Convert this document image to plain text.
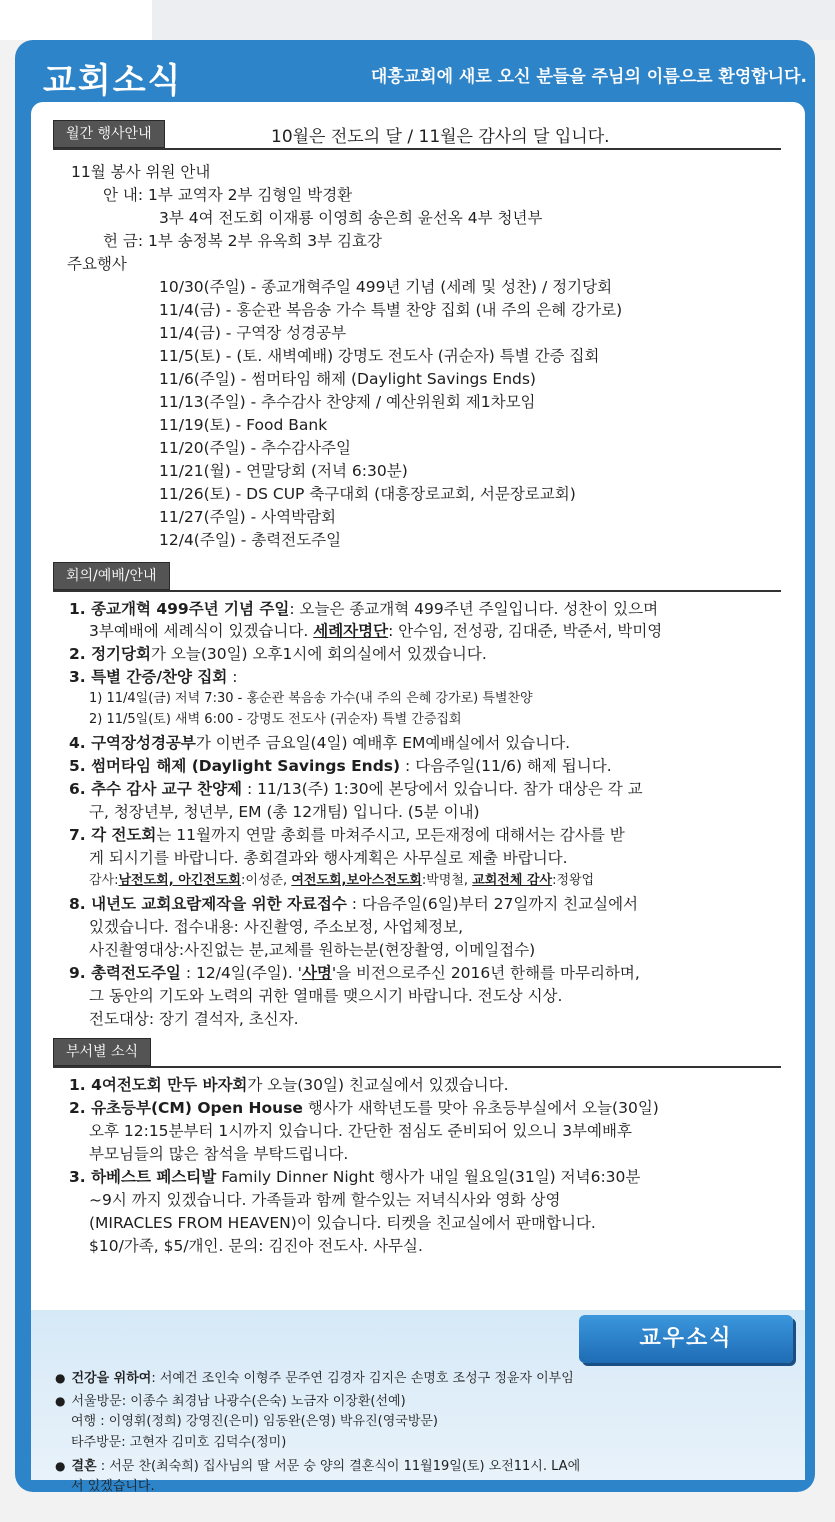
교회소식	대흥교회에 새로 오신 분들을 주님의 이름으로 환영합니다.
월간 행사안내	10월은 전도의 달 / 11월은 감사의 달 입니다.
11월 봉사 위원 안내
안 내: 1부 교역자 2부 김형일 박경환
3부 4여 전도회 이재룡 이영희 송은희 윤선옥 4부 청년부
헌 금: 1부 송정복 2부 유옥희 3부 김효강
주요행사
10/30(주일) - 종교개혁주일 499년 기념 (세례 및 성찬) / 정기당회
11/4(금) - 홍순관 복음송 가수 특별 찬양 집회 (내 주의 은혜 강가로)
11/4(금) - 구역장 성경공부
11/5(토) - (토. 새벽예배) 강명도 전도사 (귀순자) 특별 간증 집회
11/6(주일) - 썸머타임 해제 (Daylight Savings Ends)
11/13(주일) - 추수감사 찬양제 / 예산위원회 제1차모임
11/19(토) - Food Bank
11/20(주일) - 추수감사주일
11/21(월) - 연말당회 (저녁 6:30분)
11/26(토) - DS CUP 축구대회 (대흥장로교회, 서문장로교회)
11/27(주일) - 사역박람회
12/4(주일) - 총력전도주일
회의/예배/안내
1. 종교개혁 499주년 기념 주일: 오늘은 종교개혁 499주년 주일입니다. 성찬이 있으며
3부예배에 세례식이 있겠습니다. 세례자명단: 안수임, 전성광, 김대준, 박준서, 박미영
2. 정기당회가 오늘(30일) 오후1시에 회의실에서 있겠습니다.
3. 특별 간증/찬양 집회 :
1) 11/4일(금) 저녁 7:30 - 홍순관 복음송 가수(내 주의 은혜 강가로) 특별찬양
2) 11/5일(토) 새벽 6:00 - 강명도 전도사 (귀순자) 특별 간증집회
4. 구역장성경공부가 이번주 금요일(4일) 예배후 EM예배실에서 있습니다.
5. 썸머타임 해제 (Daylight Savings Ends) : 다음주일(11/6) 해제 됩니다.
6. 추수 감사 교구 찬양제 : 11/13(주) 1:30에 본당에서 있습니다. 참가 대상은 각 교
구, 청장년부, 청년부, EM (총 12개팀) 입니다. (5분 이내)
7. 각 전도회는 11월까지 연말 총회를 마쳐주시고, 모든재정에 대해서는 감사를 받
게 되시기를 바랍니다. 총회결과와 행사계획은 사무실로 제출 바랍니다.
감사:남전도회, 아긴전도회:이성준, 여전도회,보아스전도회:박명철, 교회전체 감사:정왕업
8. 내년도 교회요람제작을 위한 자료접수 : 다음주일(6일)부터 27일까지 친교실에서
있겠습니다. 접수내용: 사진촬영, 주소보정, 사업체정보,
사진촬영대상:사진없는 분,교체를 원하는분(현장촬영, 이메일접수)
9. 총력전도주일 : 12/4일(주일). '사명'을 비전으로주신 2016년 한해를 마무리하며,
그 동안의 기도와 노력의 귀한 열매를 맺으시기 바랍니다. 전도상 시상.
전도대상: 장기 결석자, 초신자.
부서별 소식
1. 4여전도회 만두 바자회가 오늘(30일) 친교실에서 있겠습니다.
2. 유초등부(CM) Open House 행사가 새학년도를 맞아 유초등부실에서 오늘(30일)
오후 12:15분부터 1시까지 있습니다. 간단한 점심도 준비되어 있으니 3부예배후
부모님들의 많은 참석을 부탁드립니다.
3. 하베스트 페스티발 Family Dinner Night 행사가 내일 월요일(31일) 저녁6:30분
~9시 까지 있겠습니다. 가족들과 함께 할수있는 저녁식사와 영화 상영
(MIRACLES FROM HEAVEN)이 있습니다. 티켓을 친교실에서 판매합니다.
$10/가족, $5/개인. 문의: 김진아 전도사. 사무실.
교우소식
● 건강을 위하여: 서예건 조인숙 이형주 문주연 김경자 김지은 손명호 조성구 정윤자 이부임
● 서울방문: 이종수 최경남 나광수(은숙) 노금자 이장환(선예)
여행 : 이영휘(정희) 강영진(은미) 임동완(은영) 박유진(영국방문)
타주방문: 고현자 김미호 김덕수(정미)
● 결혼 : 서문 찬(최숙희) 집사님의 딸 서문 숭 양의 결혼식이 11월19일(토) 오전11시. LA에
서 있겠습니다.
